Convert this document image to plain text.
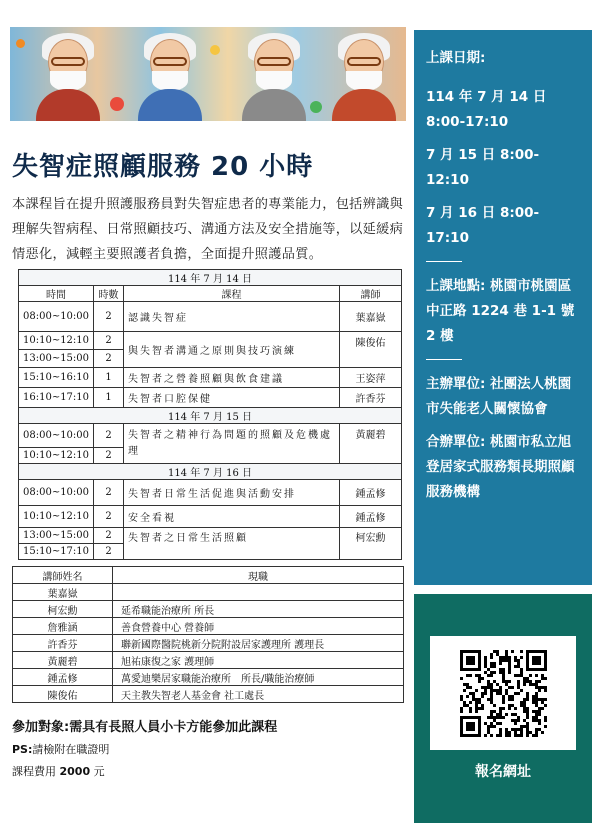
失智症照顧服務 20 小時
本課程旨在提升照護服務員對失智症患者的專業能力，包括辨識與理解失智病程、日常照顧技巧、溝通方法及安全措施等，以延緩病情惡化，減輕主要照護者負擔，全面提升照護品質。
114 年 7 月 14 日			
時間	時數	課程	講師
08:00~10:00	2	認識失智症	葉嘉嶽
10:10~12:10	2	與失智者溝通之原則與技巧演練	陳俊佑
13:00~15:00	2		
15:10~16:10	1	失智者之營養照顧與飲食建議	王姿萍
16:10~17:10	1	失智者口腔保健	許香芬
114 年 7 月 15 日			
08:00~10:00	2	失智者之精神行為問題的照顧及危機處理	黃麗碧
10:10~12:10	2		
114 年 7 月 16 日			
08:00~10:00	2	失智者日常生活促進與活動安排	鍾孟修
10:10~12:10	2	安全看視	鍾孟修
13:00~15:00	2	失智者之日常生活照顧	柯宏勳
15:10~17:10	2		
講師姓名	現職
葉嘉嶽	
柯宏勳	延希職能治療所 所長
詹雅涵	善食營養中心 營養師
許香芬	聯新國際醫院桃新分院附設居家護理所 護理長
黃麗碧	旭祐康復之家 護理師
鍾孟修	萬愛迪樂居家職能治療所　所長/職能治療師
陳俊佑	天主教失智老人基金會 社工處長
參加對象:需具有長照人員小卡方能參加此課程
PS:請檢附在職證明
課程費用 2000 元
上課日期:
114 年 7 月 14 日 8:00-17:10
7 月 15 日 8:00-12:10
7 月 16 日 8:00-17:10
上課地點: 桃園市桃園區中正路 1224 巷 1-1 號 2 樓
主辦單位: 社團法人桃園市失能老人關懷協會
合辦單位: 桃園市私立旭登居家式服務類長期照顧服務機構
報名網址
